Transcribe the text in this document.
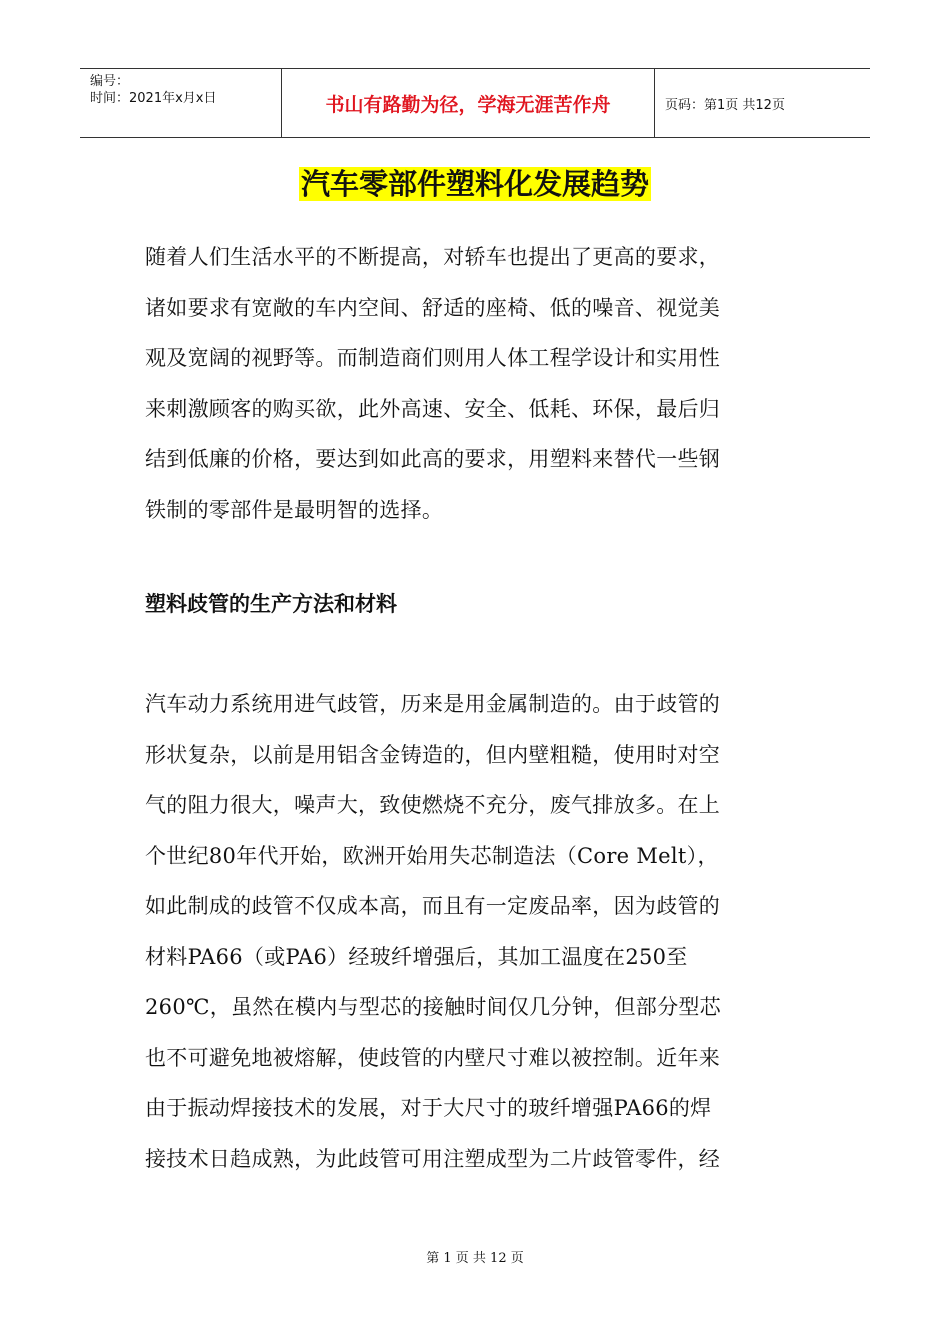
编号：
时间：2021年x月x日	书山有路勤为径，学海无涯苦作舟	页码：第1页 共12页
汽车零部件塑料化发展趋势
随着人们生活水平的不断提高，对轿车也提出了更高的要求，
诸如要求有宽敞的车内空间、舒适的座椅、低的噪音、视觉美
观及宽阔的视野等。而制造商们则用人体工程学设计和实用性
来刺激顾客的购买欲，此外高速、安全、低耗、环保，最后归
结到低廉的价格，要达到如此高的要求，用塑料来替代一些钢
铁制的零部件是最明智的选择。
塑料歧管的生产方法和材料
汽车动力系统用进气歧管，历来是用金属制造的。由于歧管的
形状复杂，以前是用铝含金铸造的，但内壁粗糙，使用时对空
气的阻力很大，噪声大，致使燃烧不充分，废气排放多。在上
个世纪80年代开始，欧洲开始用失芯制造法（Core Melt），
如此制成的歧管不仅成本高，而且有一定废品率，因为歧管的
材料PA66（或PA6）经玻纤增强后，其加工温度在250至
260℃，虽然在模内与型芯的接触时间仅几分钟，但部分型芯
也不可避免地被熔解，使歧管的内壁尺寸难以被控制。近年来
由于振动焊接技术的发展，对于大尺寸的玻纤增强PA66的焊
接技术日趋成熟，为此歧管可用注塑成型为二片歧管零件，经
第 1 页 共 12 页
